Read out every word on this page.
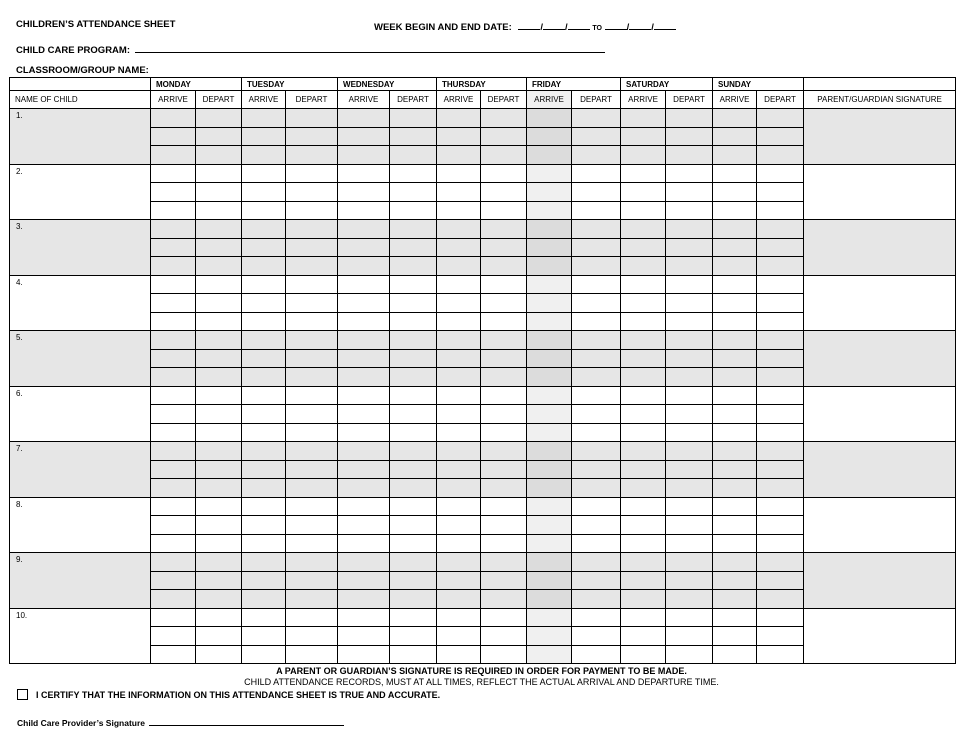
CHILDREN’S ATTENDANCE SHEET	WEEK BEGIN AND END DATE:	/ /	TO	/ /
CHILD CARE PROGRAM:
CLASSROOM/GROUP NAME:
	MONDAY		TUESDAY		WEDNESDAY		THURSDAY		FRIDAY		SATURDAY		SUNDAY		
NAME OF CHILD	ARRIVE	DEPART	ARRIVE	DEPART	ARRIVE	DEPART	ARRIVE	DEPART	ARRIVE	DEPART	ARRIVE	DEPART	ARRIVE	DEPART	PARENT/GUARDIAN SIGNATURE
1.															

2.															

3.															

4.															

5.															

6.															

7.															

8.															

9.															

10.															

A PARENT OR GUARDIAN’S SIGNATURE IS REQUIRED IN ORDER FOR PAYMENT TO BE MADE.
CHILD ATTENDANCE RECORDS, MUST AT ALL TIMES, REFLECT THE ACTUAL ARRIVAL AND DEPARTURE TIME.
I CERTIFY THAT THE INFORMATION ON THIS ATTENDANCE SHEET IS TRUE AND ACCURATE.
Child Care Provider’s Signature
